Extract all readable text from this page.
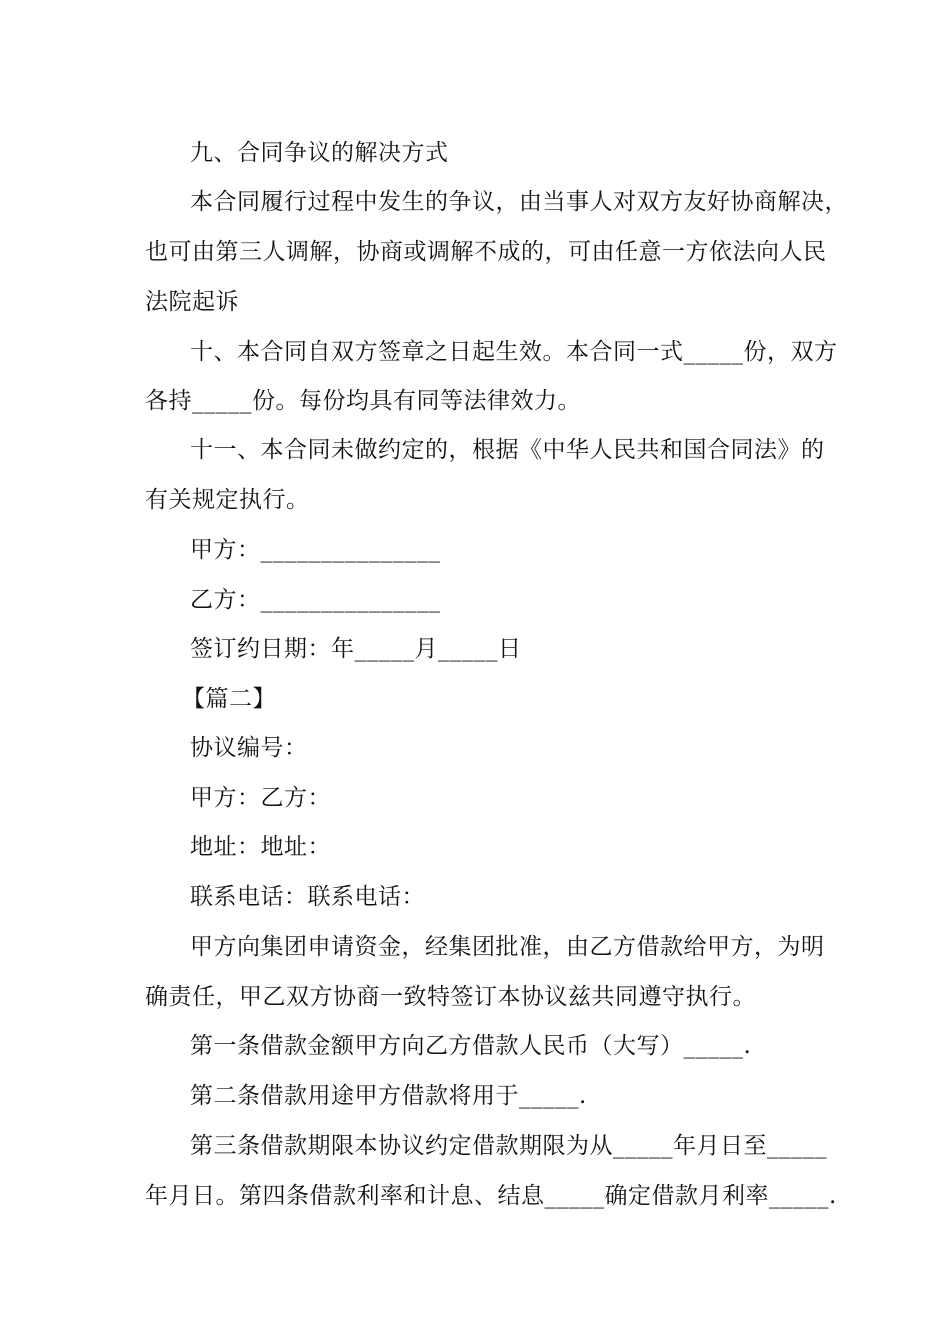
九、合同争议的解决方式
本合同履行过程中发生的争议，由当事人对双方友好协商解决，
也可由第三人调解，协商或调解不成的，可由任意一方依法向人民
法院起诉
十、本合同自双方签章之日起生效。本合同一式_____份，双方
各持_____份。每份均具有同等法律效力。
十一、本合同未做约定的，根据《中华人民共和国合同法》的
有关规定执行。
甲方：_______________
乙方：_______________
签订约日期：年_____月_____日
【篇二】
协议编号：
甲方：乙方：
地址：地址：
联系电话：联系电话：
甲方向集团申请资金，经集团批准，由乙方借款给甲方，为明
确责任，甲乙双方协商一致特签订本协议兹共同遵守执行。
第一条借款金额甲方向乙方借款人民币（大写）_____.
第二条借款用途甲方借款将用于_____.
第三条借款期限本协议约定借款期限为从_____年月日至_____
年月日。第四条借款利率和计息、结息_____确定借款月利率_____.
